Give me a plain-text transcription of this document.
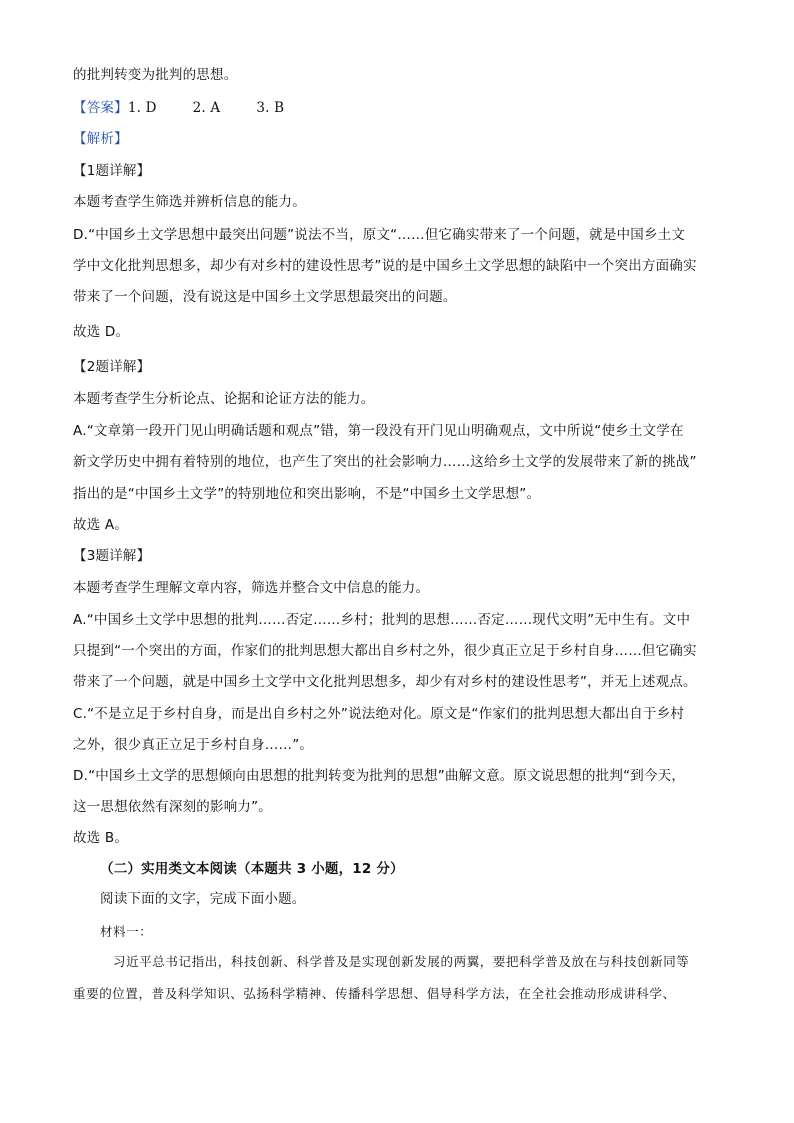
的批判转变为批判的思想。
【答案】1. D	2. A	3. B
【解析】
【1题详解】
本题考查学生筛选并辨析信息的能力。
D.“中国乡土文学思想中最突出问题”说法不当，原文“……但它确实带来了一个问题，就是中国乡土文
学中文化批判思想多，却少有对乡村的建设性思考”说的是中国乡土文学思想的缺陷中一个突出方面确实
带来了一个问题，没有说这是中国乡土文学思想最突出的问题。
故选 D。
【2题详解】
本题考查学生分析论点、论据和论证方法的能力。
A.“文章第一段开门见山明确话题和观点”错，第一段没有开门见山明确观点，文中所说“使乡土文学在
新文学历史中拥有着特别的地位，也产生了突出的社会影响力……这给乡土文学的发展带来了新的挑战”
指出的是“中国乡土文学”的特别地位和突出影响，不是“中国乡土文学思想”。
故选 A。
【3题详解】
本题考查学生理解文章内容，筛选并整合文中信息的能力。
A.“中国乡土文学中思想的批判……否定……乡村；批判的思想……否定……现代文明”无中生有。文中
只提到“一个突出的方面，作家们的批判思想大都出自乡村之外，很少真正立足于乡村自身……但它确实
带来了一个问题，就是中国乡土文学中文化批判思想多，却少有对乡村的建设性思考”，并无上述观点。
C.“不是立足于乡村自身，而是出自乡村之外”说法绝对化。原文是“作家们的批判思想大都出自于乡村
之外，很少真正立足于乡村自身……”。
D.“中国乡土文学的思想倾向由思想的批判转变为批判的思想”曲解文意。原文说思想的批判“到今天，
这一思想依然有深刻的影响力”。
故选 B。
（二）实用类文本阅读（本题共 3 小题，12 分）
阅读下面的文字，完成下面小题。
材料一：
习近平总书记指出，科技创新、科学普及是实现创新发展的两翼，要把科学普及放在与科技创新同等
重要的位置，普及科学知识、弘扬科学精神、传播科学思想、倡导科学方法，在全社会推动形成讲科学、
